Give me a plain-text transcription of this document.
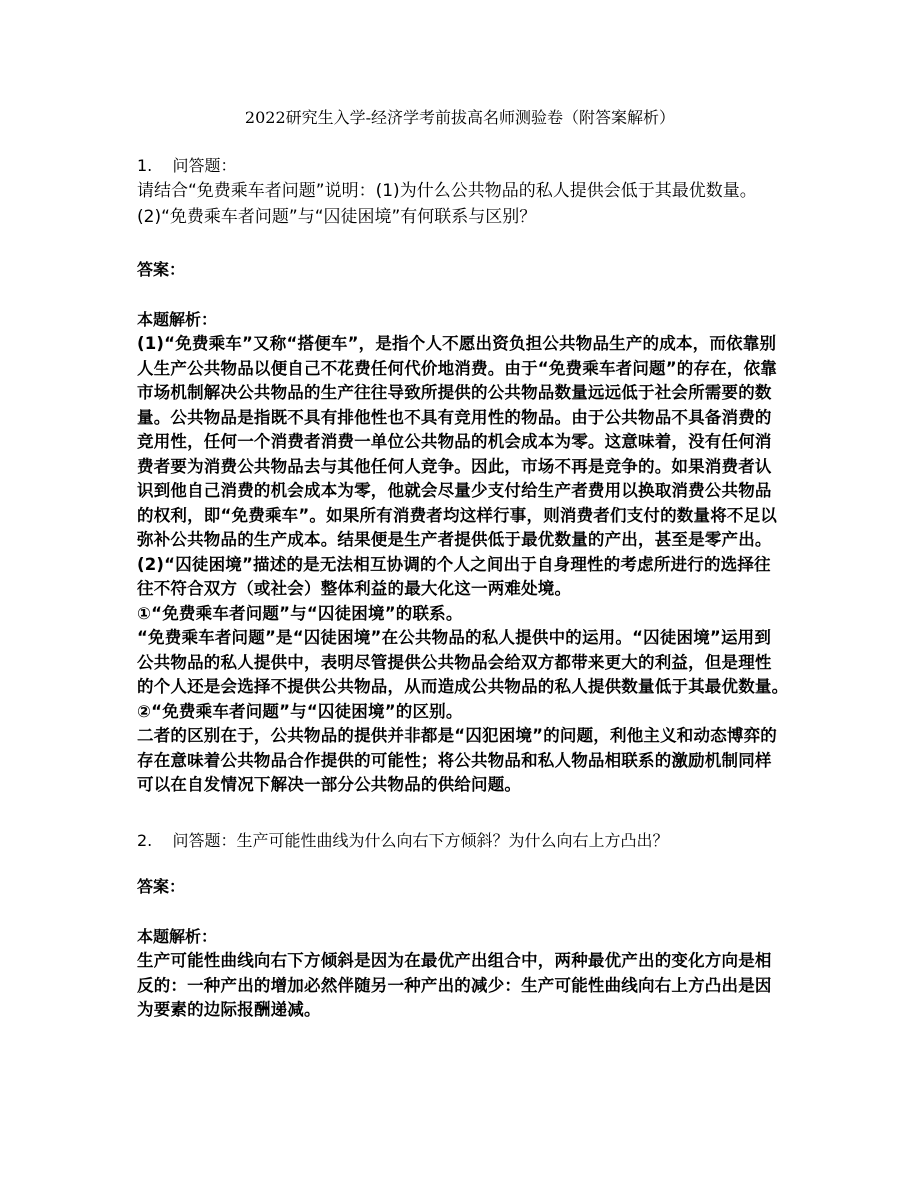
2022研究生入学-经济学考前拔高名师测验卷（附答案解析）
1. 问答题：

请结合“免费乘车者问题”说明：(1)为什么公共物品的私人提供会低于其最优数量。(2)“免费乘车者问题”与“囚徒困境”有何联系与区别？

答案：
本题解析：

(1)“免费乘车”又称“搭便车”，是指个人不愿出资负担公共物品生产的成本，而依靠别人生产公共物品以便自己不花费任何代价地消费。由于“免费乘车者问题”的存在，依靠市场机制解决公共物品的生产往往导致所提供的公共物品数量远远低于社会所需要的数量。公共物品是指既不具有排他性也不具有竞用性的物品。由于公共物品不具备消费的竞用性，任何一个消费者消费一单位公共物品的机会成本为零。这意味着，没有任何消费者要为消费公共物品去与其他任何人竞争。因此，市场不再是竞争的。如果消费者认识到他自己消费的机会成本为零，他就会尽量少支付给生产者费用以换取消费公共物品的权利，即“免费乘车”。如果所有消费者均这样行事，则消费者们支付的数量将不足以弥补公共物品的生产成本。结果便是生产者提供低于最优数量的产出，甚至是零产出。

(2)“囚徒困境”描述的是无法相互协调的个人之间出于自身理性的考虑所进行的选择往往不符合双方（或社会）整体利益的最大化这一两难处境。

①“免费乘车者问题”与“囚徒困境”的联系。

“免费乘车者问题”是“囚徒困境”在公共物品的私人提供中的运用。“囚徒困境”运用到公共物品的私人提供中，表明尽管提供公共物品会给双方都带来更大的利益，但是理性的个人还是会选择不提供公共物品，从而造成公共物品的私人提供数量低于其最优数量。　②“免费乘车者问题”与“囚徒困境”的区别。

二者的区别在于，公共物品的提供并非都是“囚犯困境”的问题，利他主义和动态博弈的存在意味着公共物品合作提供的可能性；将公共物品和私人物品相联系的激励机制同样可以在自发情况下解决一部分公共物品的供给问题。

2. 问答题：生产可能性曲线为什么向右下方倾斜？为什么向右上方凸出？
答案：
本题解析：

生产可能性曲线向右下方倾斜是因为在最优产出组合中，两种最优产出的变化方向是相反的：一种产出的增加必然伴随另一种产出的减少：生产可能性曲线向右上方凸出是因为要素的边际报酬递减。
